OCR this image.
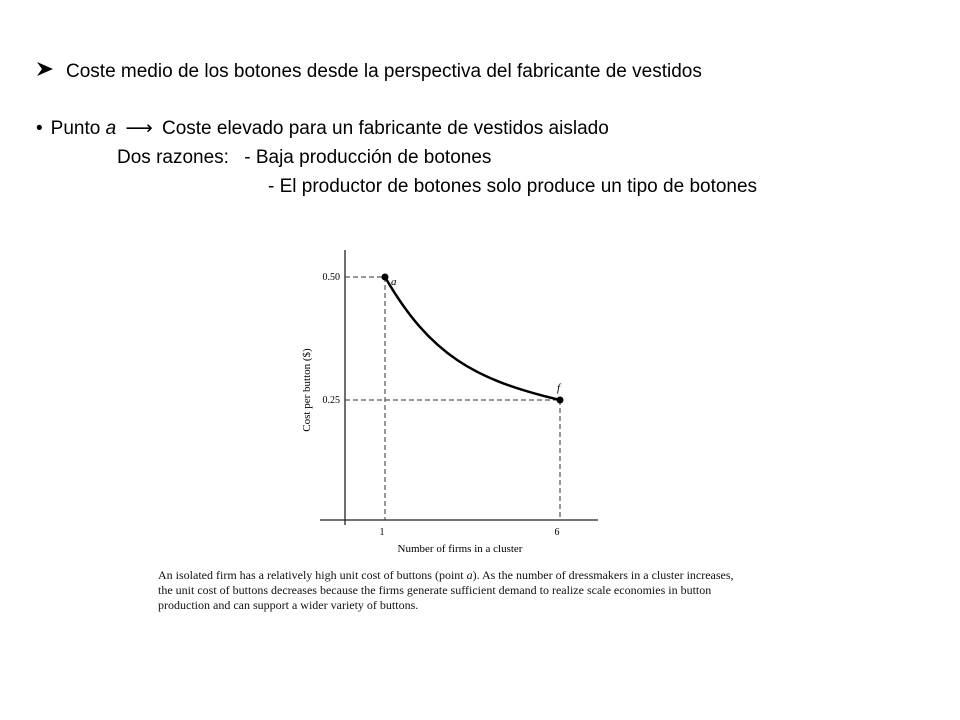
Coste medio de los botones desde la perspectiva del fabricante de vestidos
• Punto a ⟶ Coste elevado para un fabricante de vestidos aislado
Dos razones: - Baja producción de botones
- El productor de botones solo produce un tipo de botones
a
f
0.50
0.25
1	6
Number of firms in a cluster
Cost per button ($)
An isolated firm has a relatively high unit cost of buttons (point a). As the number of dressmakers in a cluster increases, the unit cost of buttons decreases because the firms generate sufficient demand to realize scale economies in button production and can support a wider variety of buttons.
